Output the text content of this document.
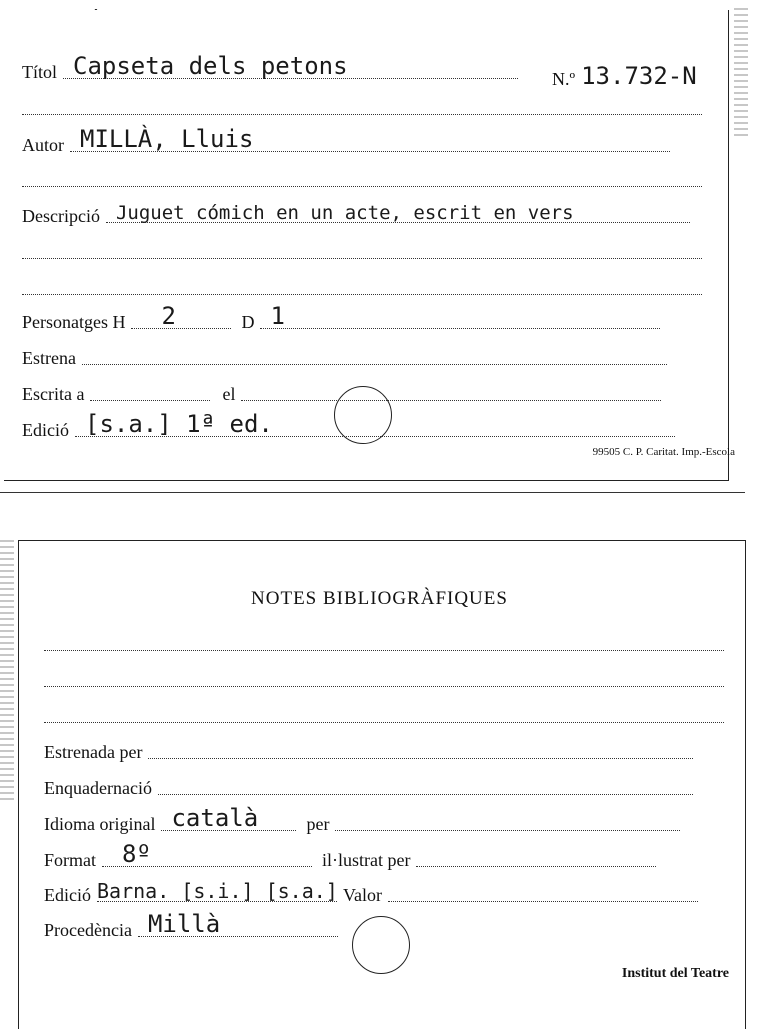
Títol Capseta dels petons	N.º 13.732-N
Autor MILLÀ, Lluis
Descripció Juguet cómich en un acte, escrit en vers
Personatges H 2	D 1
Estrena
Escrita a	el
Edició [s.a.] 1ª ed.
99505 C. P. Caritat. Imp.-Escola
NOTES BIBLIOGRÀFIQUES
Estrenada per
Enquadernació
Idioma original català	per
Format 8º	il·lustrat per
Edició Barna. [s.i.] [s.a.] Valor
Procedència Millà
Institut del Teatre
